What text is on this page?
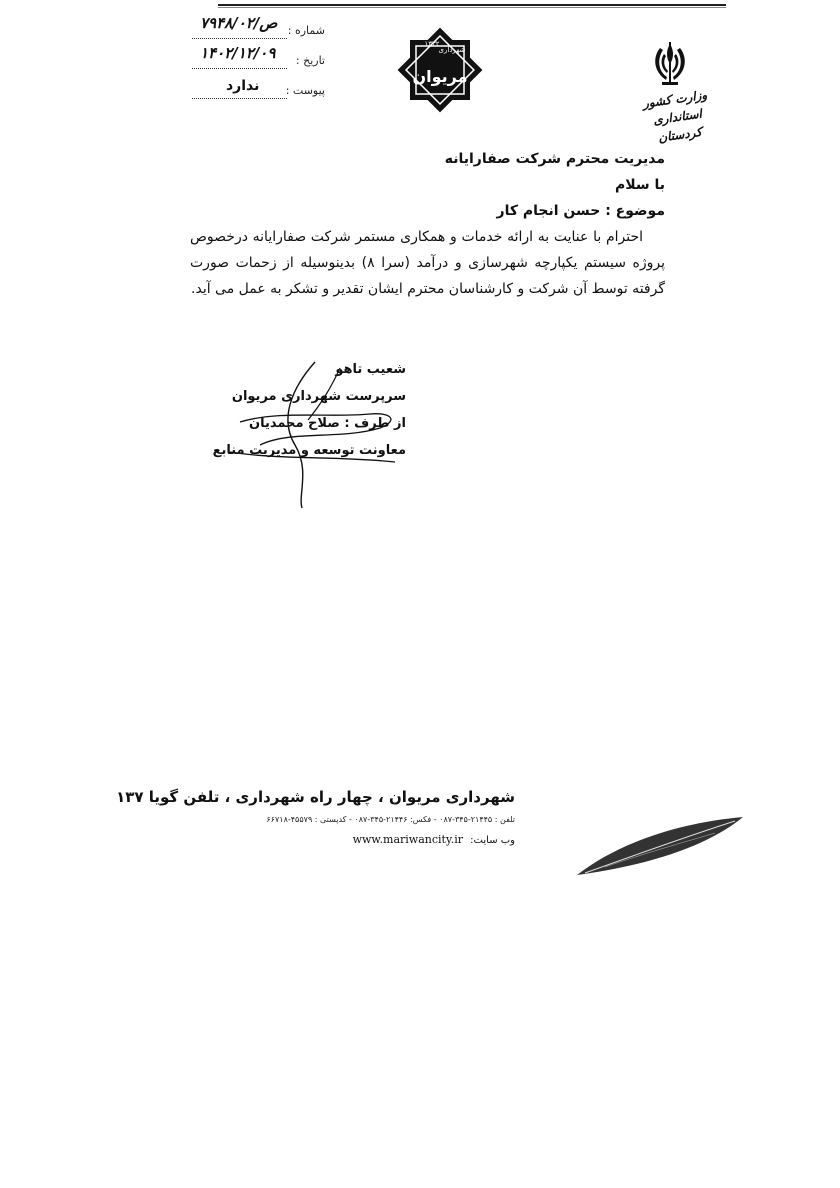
وزارت کشور
استانداری کردستان
۱۳۳۲
شهرداری
مریوان
شماره :
ص/۷۹۴۸/۰۲
تاریخ :
۱۴۰۲/۱۲/۰۹
پیوست :
ندارد

مدیریت محترم شرکت صفارایانه

با سلام

موضوع : حسن انجام کار

احترام با عنایت به ارائه خدمات و همکاری مستمر شرکت صفارایانه درخصوص پروژه سیستم یکپارچه شهرسازی و درآمد (سرا ۸) بدینوسیله از زحمات صورت گرفته توسط آن شرکت و کارشناسان محترم ایشان تقدیر و تشکر به عمل می آید.

شعیب تاهو
سرپرست شهرداری مریوان
از طرف : صلاح محمدیان
معاونت توسعه و مدیریت منابع
شهرداری مریوان ، چهار راه شهرداری ، تلفن گویا ۱۳۷
تلفن : ۲۱۴۴۵-۳۴۵-۰۸۷ - فکس: ۲۱۴۴۶-۳۴۵-۰۸۷ - کدپستی : ۴۵۵۷۹-۶۶۷۱۸
وب سایت: www.mariwancity.ir
